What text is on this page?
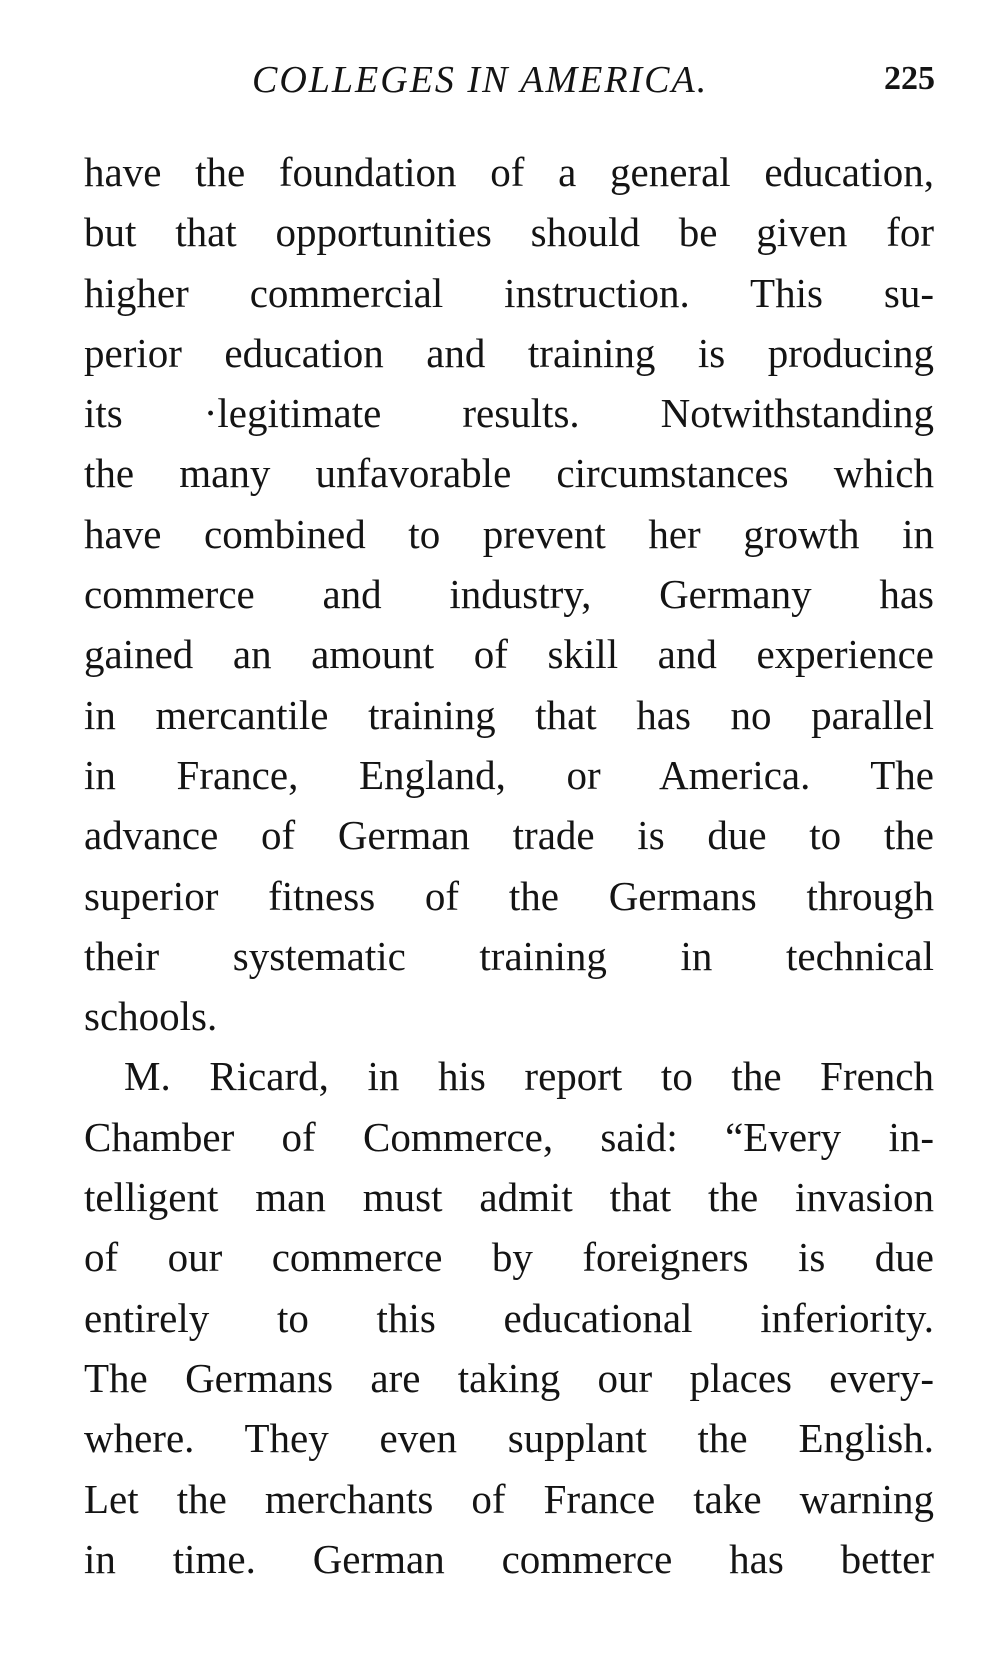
COLLEGES IN AMERICA.	225
have the foundation of a general education,
but that opportunities should be given for
higher commercial instruction. This su-
perior education and training is producing
its ·legitimate results. Notwithstanding
the many unfavorable circumstances which
have combined to prevent her growth in
commerce and industry, Germany has
gained an amount of skill and experience
in mercantile training that has no parallel
in France, England, or America. The
advance of German trade is due to the
superior fitness of the Germans through
their systematic training in technical
schools.
M. Ricard, in his report to the French
Chamber of Commerce, said: “Every in-
telligent man must admit that the invasion
of our commerce by foreigners is due
entirely to this educational inferiority.
The Germans are taking our places every-
where. They even supplant the English.
Let the merchants of France take warning
in time. German commerce has better
